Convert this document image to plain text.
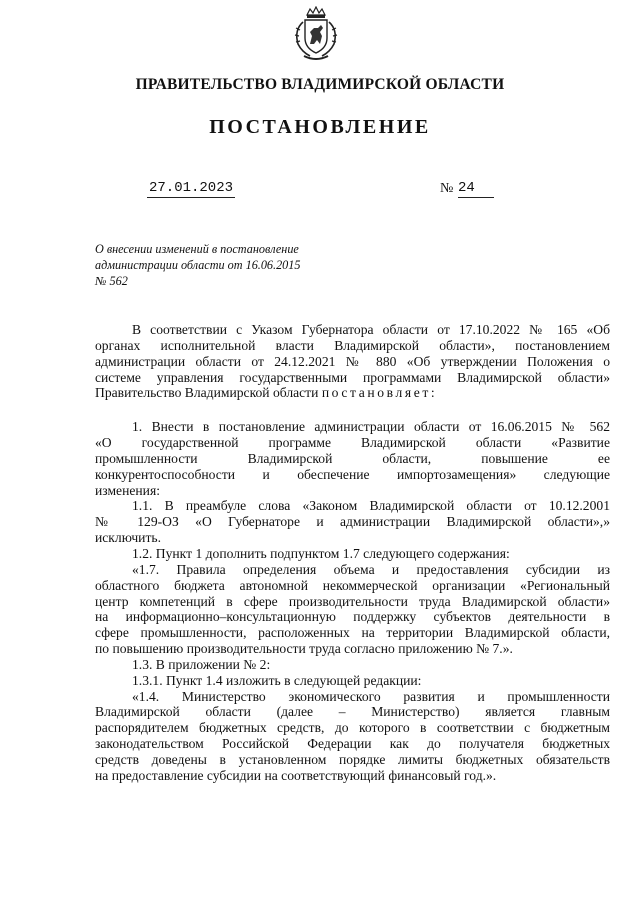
ПРАВИТЕЛЬСТВО ВЛАДИМИРСКОЙ ОБЛАСТИ
ПОСТАНОВЛЕНИЕ
27.01.2023	№ 24
О внесении изменений в постановление
администрации области от 16.06.2015
№ 562
В соответствии с Указом Губернатора области от 17.10.2022 № 165 «Об
органах исполнительной власти Владимирской области», постановлением
администрации области от 24.12.2021 № 880 «Об утверждении Положения о
системе управления государственными программами Владимирской области»
Правительство Владимирской области постановляет:
1. Внести в постановление администрации области от 16.06.2015 № 562
«О государственной программе Владимирской области «Развитие
промышленности Владимирской области, повышение ее
конкурентоспособности и обеспечение импортозамещения» следующие
изменения:
1.1. В преамбуле слова «Законом Владимирской области от 10.12.2001
№ 129-ОЗ «О Губернаторе и администрации Владимирской области»,»
исключить.
1.2. Пункт 1 дополнить подпунктом 1.7 следующего содержания:
«1.7. Правила определения объема и предоставления субсидии из
областного бюджета автономной некоммерческой организации «Региональный
центр компетенций в сфере производительности труда Владимирской области»
на информационно–консультационную поддержку субъектов деятельности в
сфере промышленности, расположенных на территории Владимирской области,
по повышению производительности труда согласно приложению № 7.».
1.3. В приложении № 2:
1.3.1. Пункт 1.4 изложить в следующей редакции:
«1.4. Министерство экономического развития и промышленности
Владимирской области (далее – Министерство) является главным
распорядителем бюджетных средств, до которого в соответствии с бюджетным
законодательством Российской Федерации как до получателя бюджетных
средств доведены в установленном порядке лимиты бюджетных обязательств
на предоставление субсидии на соответствующий финансовый год.».
